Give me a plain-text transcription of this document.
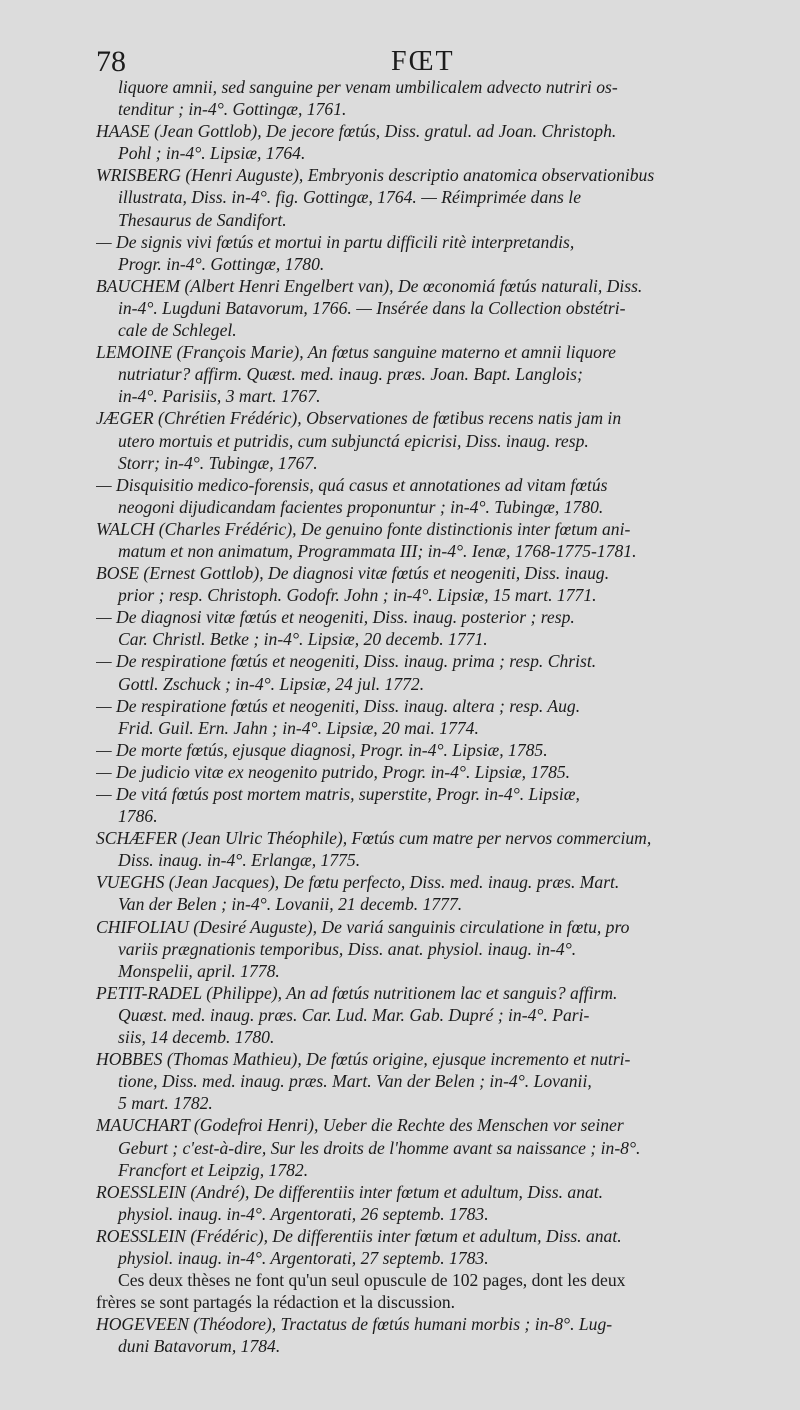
78	FŒT
liquore amnii, sed sanguine per venam umbilicalem advecto nutriri os-
tenditur ; in-4°. Gottingæ, 1761.
HAASE (Jean Gottlob), De jecore fœtús, Diss. gratul. ad Joan. Christoph.
Pohl ; in-4°. Lipsiæ, 1764.
WRISBERG (Henri Auguste), Embryonis descriptio anatomica observationibus
illustrata, Diss. in-4°. fig. Gottingæ, 1764. — Réimprimée dans le
Thesaurus de Sandifort.
— De signis vivi fœtús et mortui in partu difficili ritè interpretandis,
Progr. in-4°. Gottingæ, 1780.
BAUCHEM (Albert Henri Engelbert van), De œconomiá fœtús naturali, Diss.
in-4°. Lugduni Batavorum, 1766. — Insérée dans la Collection obstétri-
cale de Schlegel.
LEMOINE (François Marie), An fœtus sanguine materno et amnii liquore
nutriatur? affirm. Quæst. med. inaug. præs. Joan. Bapt. Langlois;
in-4°. Parisiis, 3 mart. 1767.
JÆGER (Chrétien Frédéric), Observationes de fœtibus recens natis jam in
utero mortuis et putridis, cum subjunctá epicrisi, Diss. inaug. resp.
Storr; in-4°. Tubingæ, 1767.
— Disquisitio medico-forensis, quá casus et annotationes ad vitam fœtús
neogoni dijudicandam facientes proponuntur ; in-4°. Tubingæ, 1780.
WALCH (Charles Frédéric), De genuino fonte distinctionis inter fœtum ani-
matum et non animatum, Programmata III; in-4°. Ienæ, 1768-1775-1781.
BOSE (Ernest Gottlob), De diagnosi vitæ fœtús et neogeniti, Diss. inaug.
prior ; resp. Christoph. Godofr. John ; in-4°. Lipsiæ, 15 mart. 1771.
— De diagnosi vitæ fœtús et neogeniti, Diss. inaug. posterior ; resp.
Car. Christl. Betke ; in-4°. Lipsiæ, 20 decemb. 1771.
— De respiratione fœtús et neogeniti, Diss. inaug. prima ; resp. Christ.
Gottl. Zschuck ; in-4°. Lipsiæ, 24 jul. 1772.
— De respiratione fœtús et neogeniti, Diss. inaug. altera ; resp. Aug.
Frid. Guil. Ern. Jahn ; in-4°. Lipsiæ, 20 mai. 1774.
— De morte fœtús, ejusque diagnosi, Progr. in-4°. Lipsiæ, 1785.
— De judicio vitæ ex neogenito putrido, Progr. in-4°. Lipsiæ, 1785.
— De vitá fœtús post mortem matris, superstite, Progr. in-4°. Lipsiæ,
1786.
SCHÆFER (Jean Ulric Théophile), Fœtús cum matre per nervos commercium,
Diss. inaug. in-4°. Erlangæ, 1775.
VUEGHS (Jean Jacques), De fœtu perfecto, Diss. med. inaug. præs. Mart.
Van der Belen ; in-4°. Lovanii, 21 decemb. 1777.
CHIFOLIAU (Desiré Auguste), De variá sanguinis circulatione in fœtu, pro
variis prægnationis temporibus, Diss. anat. physiol. inaug. in-4°.
Monspelii, april. 1778.
PETIT-RADEL (Philippe), An ad fœtús nutritionem lac et sanguis? affirm.
Quæst. med. inaug. præs. Car. Lud. Mar. Gab. Dupré ; in-4°. Pari-
siis, 14 decemb. 1780.
HOBBES (Thomas Mathieu), De fœtús origine, ejusque incremento et nutri-
tione, Diss. med. inaug. præs. Mart. Van der Belen ; in-4°. Lovanii,
5 mart. 1782.
MAUCHART (Godefroi Henri), Ueber die Rechte des Menschen vor seiner
Geburt ; c'est-à-dire, Sur les droits de l'homme avant sa naissance ; in-8°.
Francfort et Leipzig, 1782.
ROESSLEIN (André), De differentiis inter fœtum et adultum, Diss. anat.
physiol. inaug. in-4°. Argentorati, 26 septemb. 1783.
ROESSLEIN (Frédéric), De differentiis inter fœtum et adultum, Diss. anat.
physiol. inaug. in-4°. Argentorati, 27 septemb. 1783.
Ces deux thèses ne font qu'un seul opuscule de 102 pages, dont les deux
frères se sont partagés la rédaction et la discussion.
HOGEVEEN (Théodore), Tractatus de fœtús humani morbis ; in-8°. Lug-
duni Batavorum, 1784.
